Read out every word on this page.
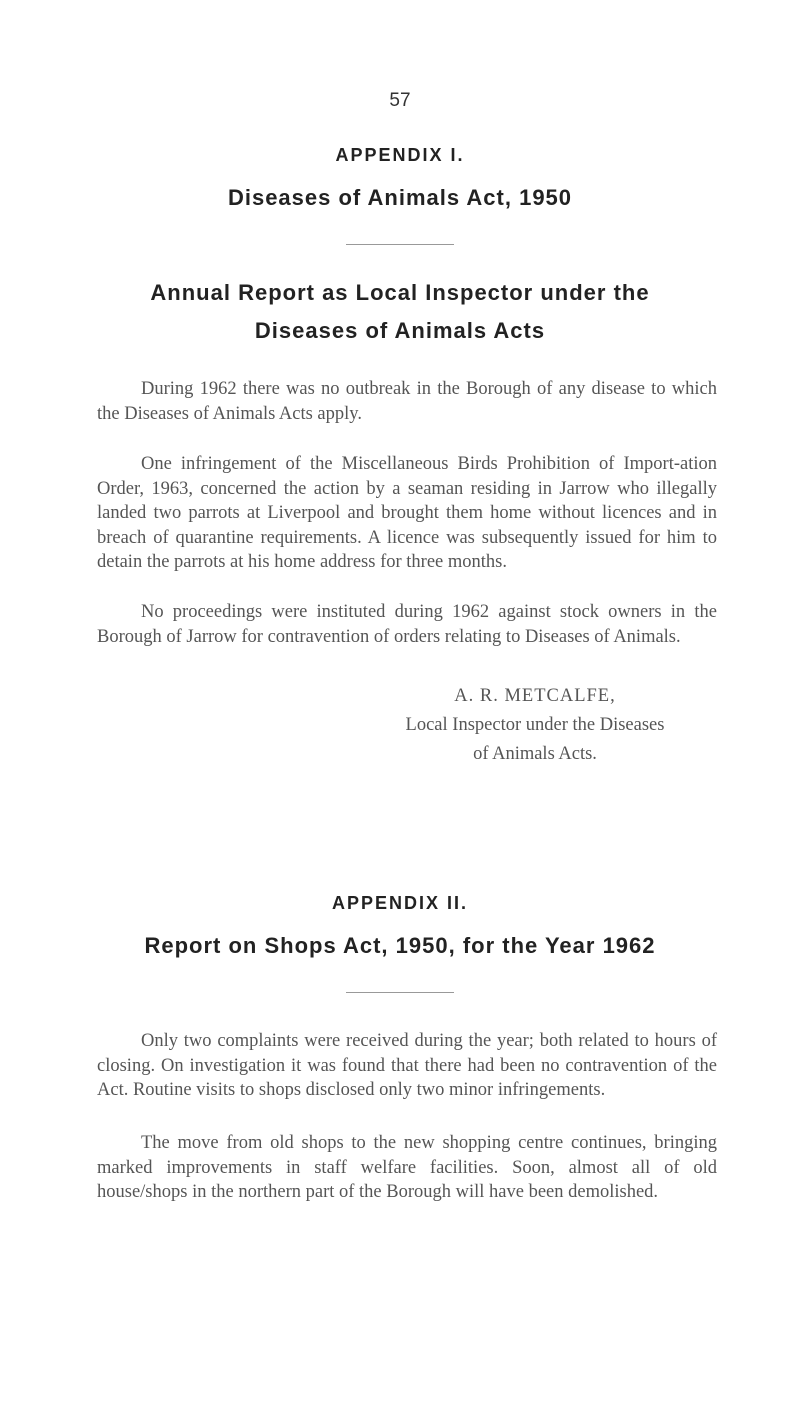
57
APPENDIX I.
Diseases of Animals Act, 1950
Annual Report as Local Inspector under the
Diseases of Animals Acts

During 1962 there was no outbreak in the Borough of any disease to which the Diseases of Animals Acts apply.

One infringement of the Miscellaneous Birds Prohibition of Import-ation Order, 1963, concerned the action by a seaman residing in Jarrow who illegally landed two parrots at Liverpool and brought them home without licences and in breach of quarantine requirements. A licence was subsequently issued for him to detain the parrots at his home address for three months.

No proceedings were instituted during 1962 against stock owners in the Borough of Jarrow for contravention of orders relating to Diseases of Animals.

A. R. METCALFE,
Local Inspector under the Diseases
of Animals Acts.
APPENDIX II.
Report on Shops Act, 1950, for the Year 1962

Only two complaints were received during the year; both related to hours of closing. On investigation it was found that there had been no contravention of the Act. Routine visits to shops disclosed only two minor infringements.

The move from old shops to the new shopping centre continues, bringing marked improvements in staff welfare facilities. Soon, almost all of old house/shops in the northern part of the Borough will have been demolished.
